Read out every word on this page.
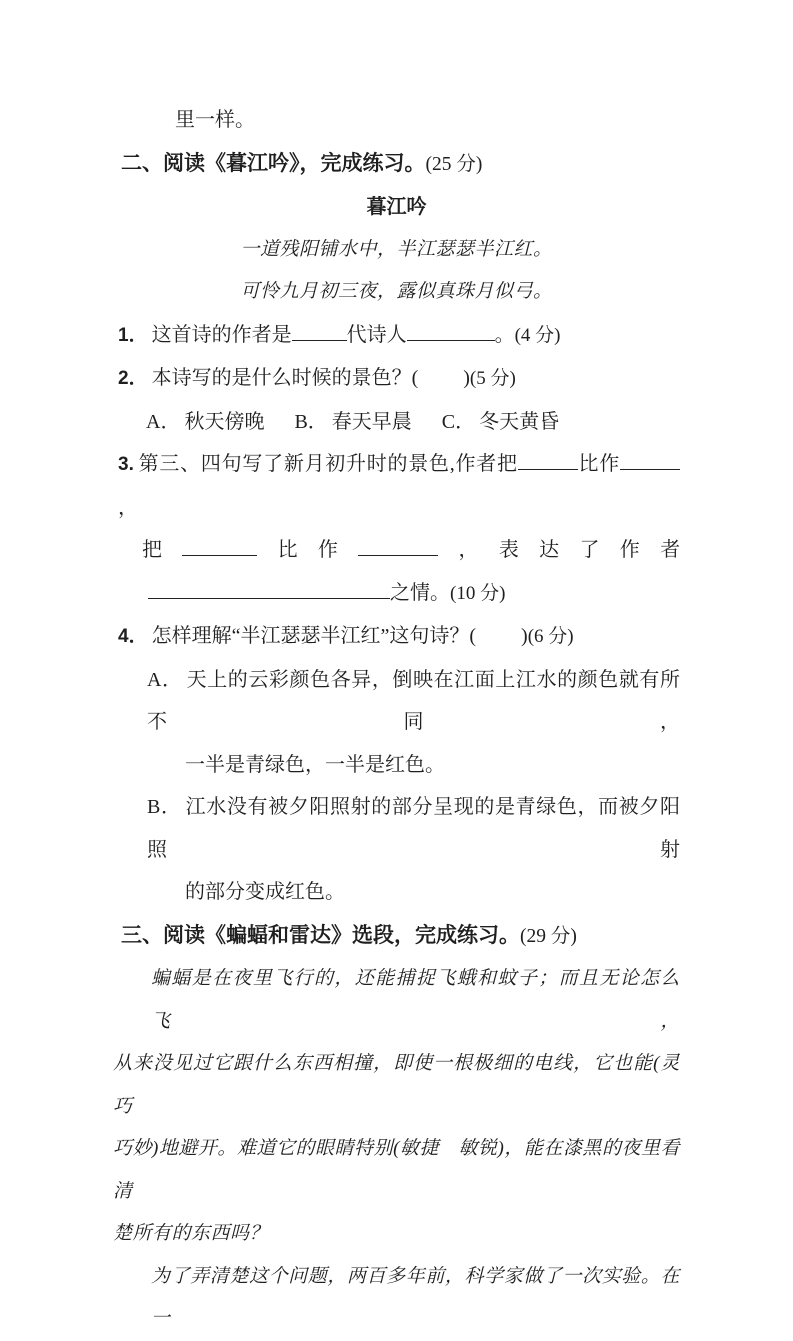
里一样。
二、阅读《暮江吟》，完成练习。(25 分)
暮江吟
一道残阳铺水中，半江瑟瑟半江红。
可怜九月初三夜，露似真珠月似弓。
1． 这首诗的作者是	代诗人	。(4 分)
2． 本诗写的是什么时候的景色？( )(5 分)
A． 秋天傍晚 B． 春天早晨 C． 冬天黄昏
3. 第三、四句写了新月初升时的景色,作者把	比作，
把	比作	，表达了作者
之情。(10 分)
4． 怎样理解“半江瑟瑟半江红”这句诗？( )(6 分)
A． 天上的云彩颜色各异，倒映在江面上江水的颜色就有所不同，
一半是青绿色，一半是红色。
B． 江水没有被夕阳照射的部分呈现的是青绿色，而被夕阳照射
的部分变成红色。
三、阅读《蝙蝠和雷达》选段，完成练习。(29 分)
蝙蝠是在夜里飞行的，还能捕捉飞蛾和蚊子；而且无论怎么飞，
从来没见过它跟什么东西相撞，即使一根极细的电线，它也能(灵巧
巧妙)地避开。难道它的眼睛特别(敏捷　敏锐)，能在漆黑的夜里看清
楚所有的东西吗？
为了弄清楚这个问题，两百多年前，科学家做了一次实验。在一
